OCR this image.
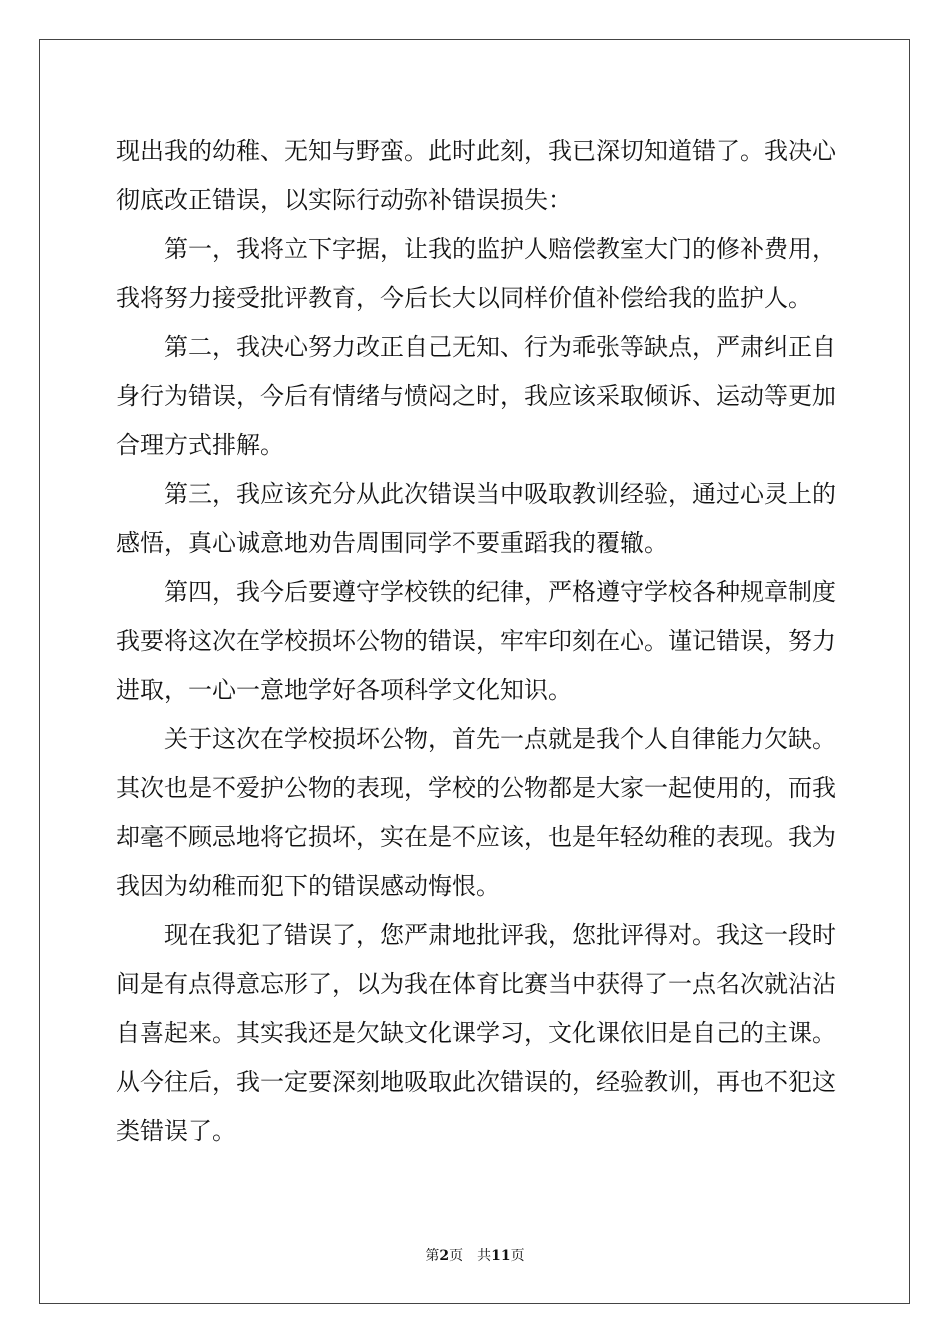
现出我的幼稚、无知与野蛮。此时此刻，我已深切知道错了。我决心
彻底改正错误，以实际行动弥补错误损失：
第一，我将立下字据，让我的监护人赔偿教室大门的修补费用，
我将努力接受批评教育，今后长大以同样价值补偿给我的监护人。
第二，我决心努力改正自己无知、行为乖张等缺点，严肃纠正自
身行为错误，今后有情绪与愤闷之时，我应该采取倾诉、运动等更加
合理方式排解。
第三，我应该充分从此次错误当中吸取教训经验，通过心灵上的
感悟，真心诚意地劝告周围同学不要重蹈我的覆辙。
第四，我今后要遵守学校铁的纪律，严格遵守学校各种规章制度
我要将这次在学校损坏公物的错误，牢牢印刻在心。谨记错误，努力
进取，一心一意地学好各项科学文化知识。
关于这次在学校损坏公物，首先一点就是我个人自律能力欠缺。
其次也是不爱护公物的表现，学校的公物都是大家一起使用的，而我
却毫不顾忌地将它损坏，实在是不应该，也是年轻幼稚的表现。我为
我因为幼稚而犯下的错误感动悔恨。
现在我犯了错误了，您严肃地批评我，您批评得对。我这一段时
间是有点得意忘形了，以为我在体育比赛当中获得了一点名次就沾沾
自喜起来。其实我还是欠缺文化课学习，文化课依旧是自己的主课。
从今往后，我一定要深刻地吸取此次错误的，经验教训，再也不犯这
类错误了。
第2页 共11页
